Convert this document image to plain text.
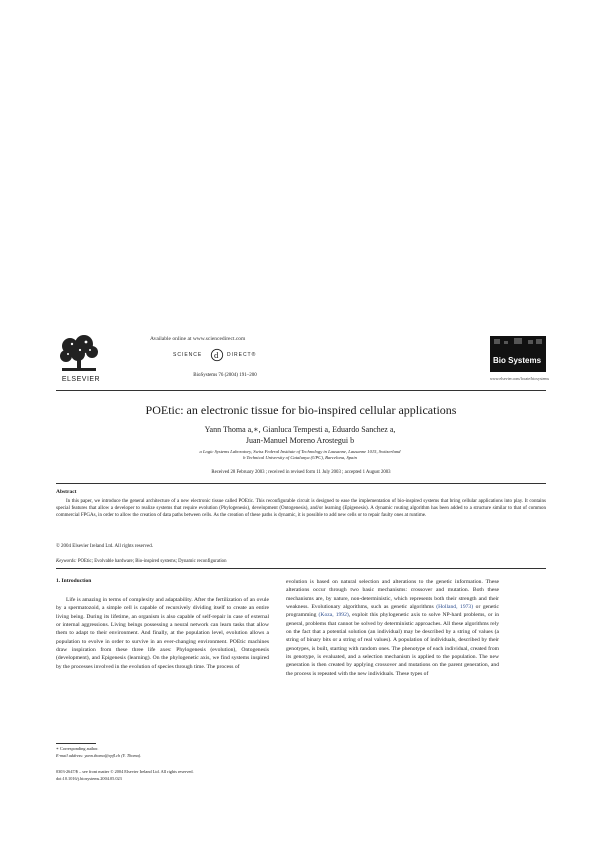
ELSEVIER
Available online at www.sciencedirect.com
SCIENCE d DIRECT®
BioSystems 76 (2004) 191–200
Bio Systems
www.elsevier.com/locate/biosystems
POEtic: an electronic tissue for bio-inspired cellular applications
Yann Thoma a,∗, Gianluca Tempesti a, Eduardo Sanchez a,
Juan-Manuel Moreno Arostegui b
a Logic Systems Laboratory, Swiss Federal Institute of Technology in Lausanne, Lausanne 1015, Switzerland
b Technical University of Catalunya (UPC), Barcelona, Spain
Received 28 February 2003 ; received in revised form 11 July 2003 ; accepted 1 August 2003
Abstract
In this paper, we introduce the general architecture of a new electronic tissue called POEtic. This reconfigurable circuit is designed to ease the implementation of bio-inspired systems that bring cellular applications into play. It contains special features that allow a developer to realize systems that require evolution (Phylogenesis), development (Ontogenesis), and/or learning (Epigenesis). A dynamic routing algorithm has been added to a structure similar to that of common commercial FPGAs, in order to allow the creation of data paths between cells. As the creation of these paths is dynamic, it is possible to add new cells or to repair faulty ones at runtime.
© 2004 Elsevier Ireland Ltd. All rights reserved.
Keywords: POEtic; Evolvable hardware; Bio-inspired systems; Dynamic reconfiguration
1. Introduction
Life is amazing in terms of complexity and adaptability. After the fertilization of an ovule by a spermatozoid, a simple cell is capable of recursively dividing itself to create an entire living being. During its lifetime, an organism is also capable of self-repair in case of external or internal aggressions. Living beings possessing a neural network can learn tasks that allow them to adapt to their environment. And finally, at the population level, evolution allows a population to evolve in order to survive in an ever-changing environment. POEtic machines draw inspiration from these three life axes: Phylogenesis (evolution), Ontogenesis (development), and Epigenesis (learning). On the phylogenetic axis, we find systems inspired by the processes involved in the evolution of species through time. The process of
evolution is based on natural selection and alterations to the genetic information. These alterations occur through two basic mechanisms: crossover and mutation. Both these mechanisms are, by nature, non-deterministic, which represents both their strength and their weakness. Evolutionary algorithms, such as genetic algorithms (Holland, 1973) or genetic programming (Koza, 1992), exploit this phylogenetic axis to solve NP-hard problems, or in general, problems that cannot be solved by deterministic approaches. All these algorithms rely on the fact that a potential solution (an individual) may be described by a string of values (a string of binary bits or a string of real values). A population of individuals, described by their genotypes, is built, starting with random ones. The phenotype of each individual, created from its genotype, is evaluated, and a selection mechanism is applied to the population. The new generation is then created by applying crossover and mutations on the parent generation, and the process is repeated with the new individuals. These types of
∗ Corresponding author.
E-mail address: yann.thoma@epfl.ch (Y. Thoma).
0303-2647/$ – see front matter © 2004 Elsevier Ireland Ltd. All rights reserved.
doi:10.1016/j.biosystems.2004.05.023
